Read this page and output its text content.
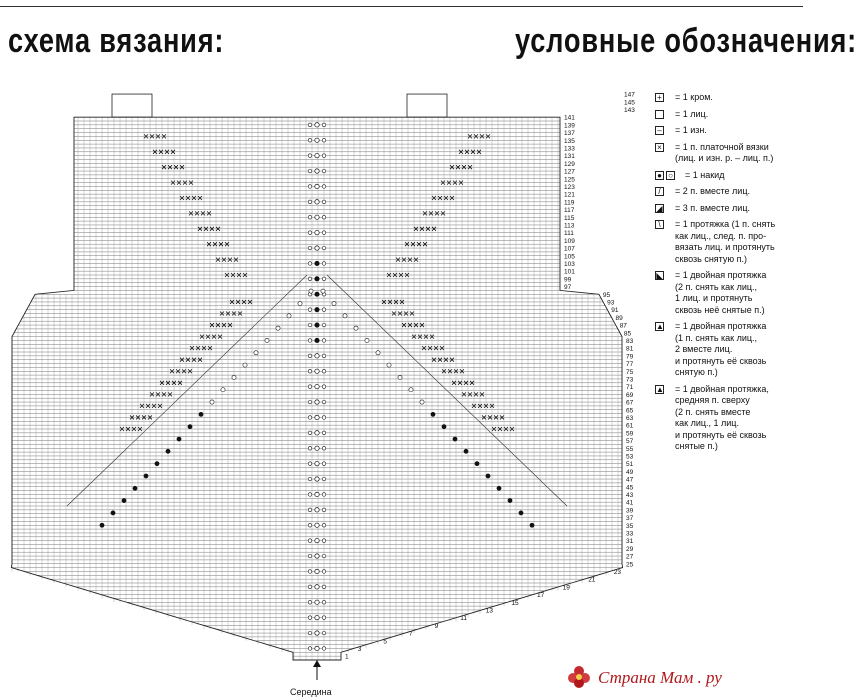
схема вязания:	условные обозначения:
1
3
5
7
9
11
13
15
17
19
21
23
25
27
29
31
33
35
37
39
41
43
45
47
49
51
53
55
57
59
61
63
65
67
69
71
73
75
77
79
81
83
85
87
89
91
93
95
97
99
101
103
105
107
109
111
113
115
117
119
121
123
125
127
129
131
133
135
137
139
141
143
145
147
Середина
+ = 1 кром.
= 1 лиц.
– = 1 изн.
× = 1 п. платочной вязки
(лиц. и изн. р. – лиц. п.)
● ○ = 1 накид
/	= 2 п. вместе лиц.
◢ = 3 п. вместе лиц.
\	= 1 протяжка (1 п. снять
как лиц., след. п. про-
вязать лиц. и протянуть
сквозь снятую п.)
◣ = 1 двойная протяжка
(2 п. снять как лиц.,
1 лиц. и протянуть
сквозь неё снятые п.)
▲ = 1 двойная протяжка
(1 п. снять как лиц.,
2 вместе лиц.
и протянуть её сквозь
снятую п.)
▲ = 1 двойная протяжка,
средняя п. сверху
(2 п. снять вместе
как лиц., 1 лиц.
и протянуть её сквозь
снятые п.)
Страна Мам . ру
